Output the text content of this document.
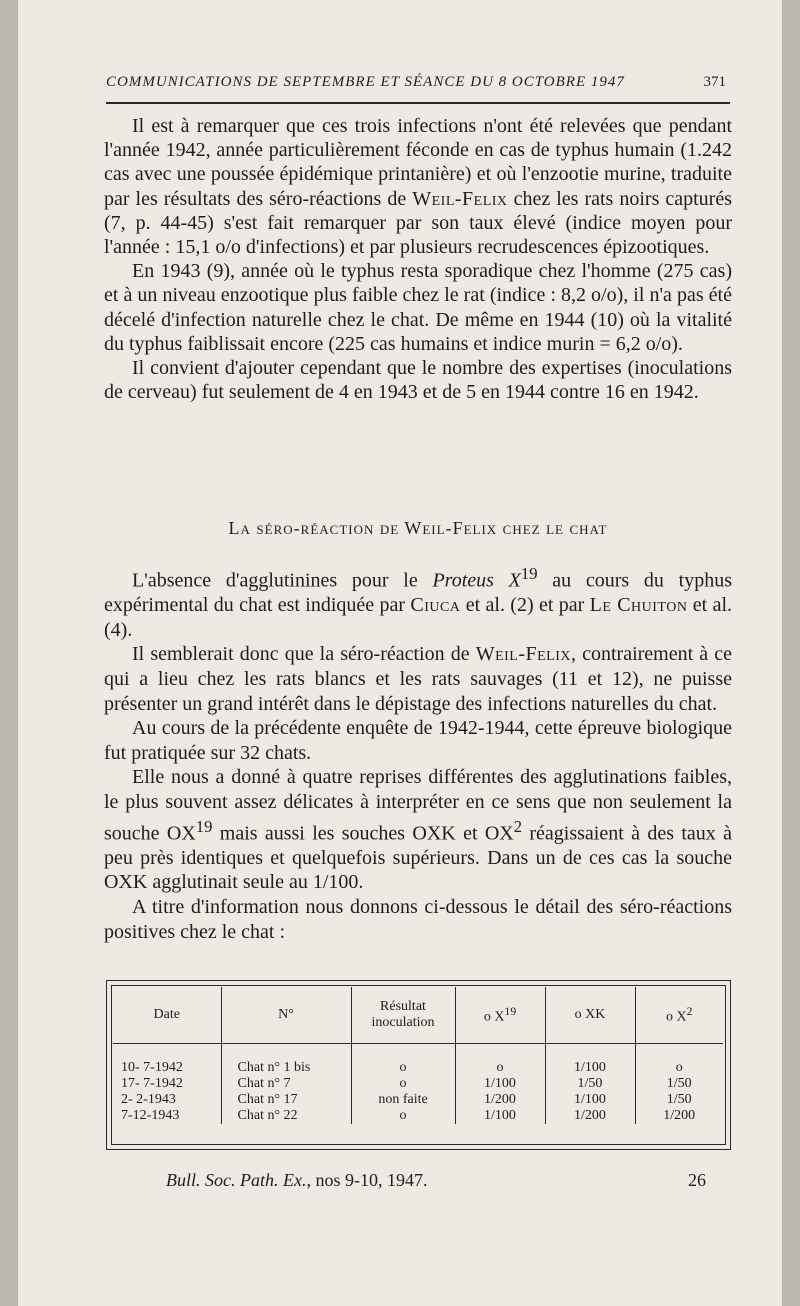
COMMUNICATIONS DE SEPTEMBRE ET SÉANCE DU 8 OCTOBRE 1947	371

Il est à remarquer que ces trois infections n'ont été relevées que pendant l'année 1942, année particulièrement féconde en cas de typhus humain (1.242 cas avec une poussée épidémique printanière) et où l'enzootie murine, traduite par les résultats des séro-réactions de Weil-Felix chez les rats noirs capturés (7, p. 44-45) s'est fait remarquer par son taux élevé (indice moyen pour l'année : 15,1 o/o d'infections) et par plusieurs recrudescences épizootiques.

En 1943 (9), année où le typhus resta sporadique chez l'homme (275 cas) et à un niveau enzootique plus faible chez le rat (indice : 8,2 o/o), il n'a pas été décelé d'infection naturelle chez le chat. De même en 1944 (10) où la vitalité du typhus faiblissait encore (225 cas humains et indice murin = 6,2 o/o).

Il convient d'ajouter cependant que le nombre des expertises (inoculations de cerveau) fut seulement de 4 en 1943 et de 5 en 1944 contre 16 en 1942.

La séro-réaction de Weil-Felix chez le chat

L'absence d'agglutinines pour le Proteus $X^{19}$ au cours du typhus expérimental du chat est indiquée par Ciuca et al. (2) et par Le Chuiton et al. (4).

Il semblerait donc que la séro-réaction de Weil-Felix, contrairement à ce qui a lieu chez les rats blancs et les rats sauvages (11 et 12), ne puisse présenter un grand intérêt dans le dépistage des infections naturelles du chat.

Au cours de la précédente enquête de 1942-1944, cette épreuve biologique fut pratiquée sur 32 chats.

Elle nous a donné à quatre reprises différentes des agglutinations faibles, le plus souvent assez délicates à interpréter en ce sens que non seulement la souche OX$^{19}$ mais aussi les souches OXK et $OX^2$ réagissaient à des taux à peu près identiques et quelquefois supérieurs. Dans un de ces cas la souche OXK agglutinait seule au 1/100.

A titre d'information nous donnons ci-dessous le détail des séro-réactions positives chez le chat :

Date	N°	Résultat inoculation	o $X^{19}$	o XK	o $X^2$

10- 7-1942	Chat n° 1 bis	o	o	1/100	o
17- 7-1942	Chat n° 7	o	1/100	1/50	1/50
2- 2-1943	Chat n° 17	non faite	1/200	1/100	1/50
7-12-1943	Chat n° 22	o	1/100	1/200	1/200
Bull. Soc. Path. Ex., nos 9-10, 1947.	26
